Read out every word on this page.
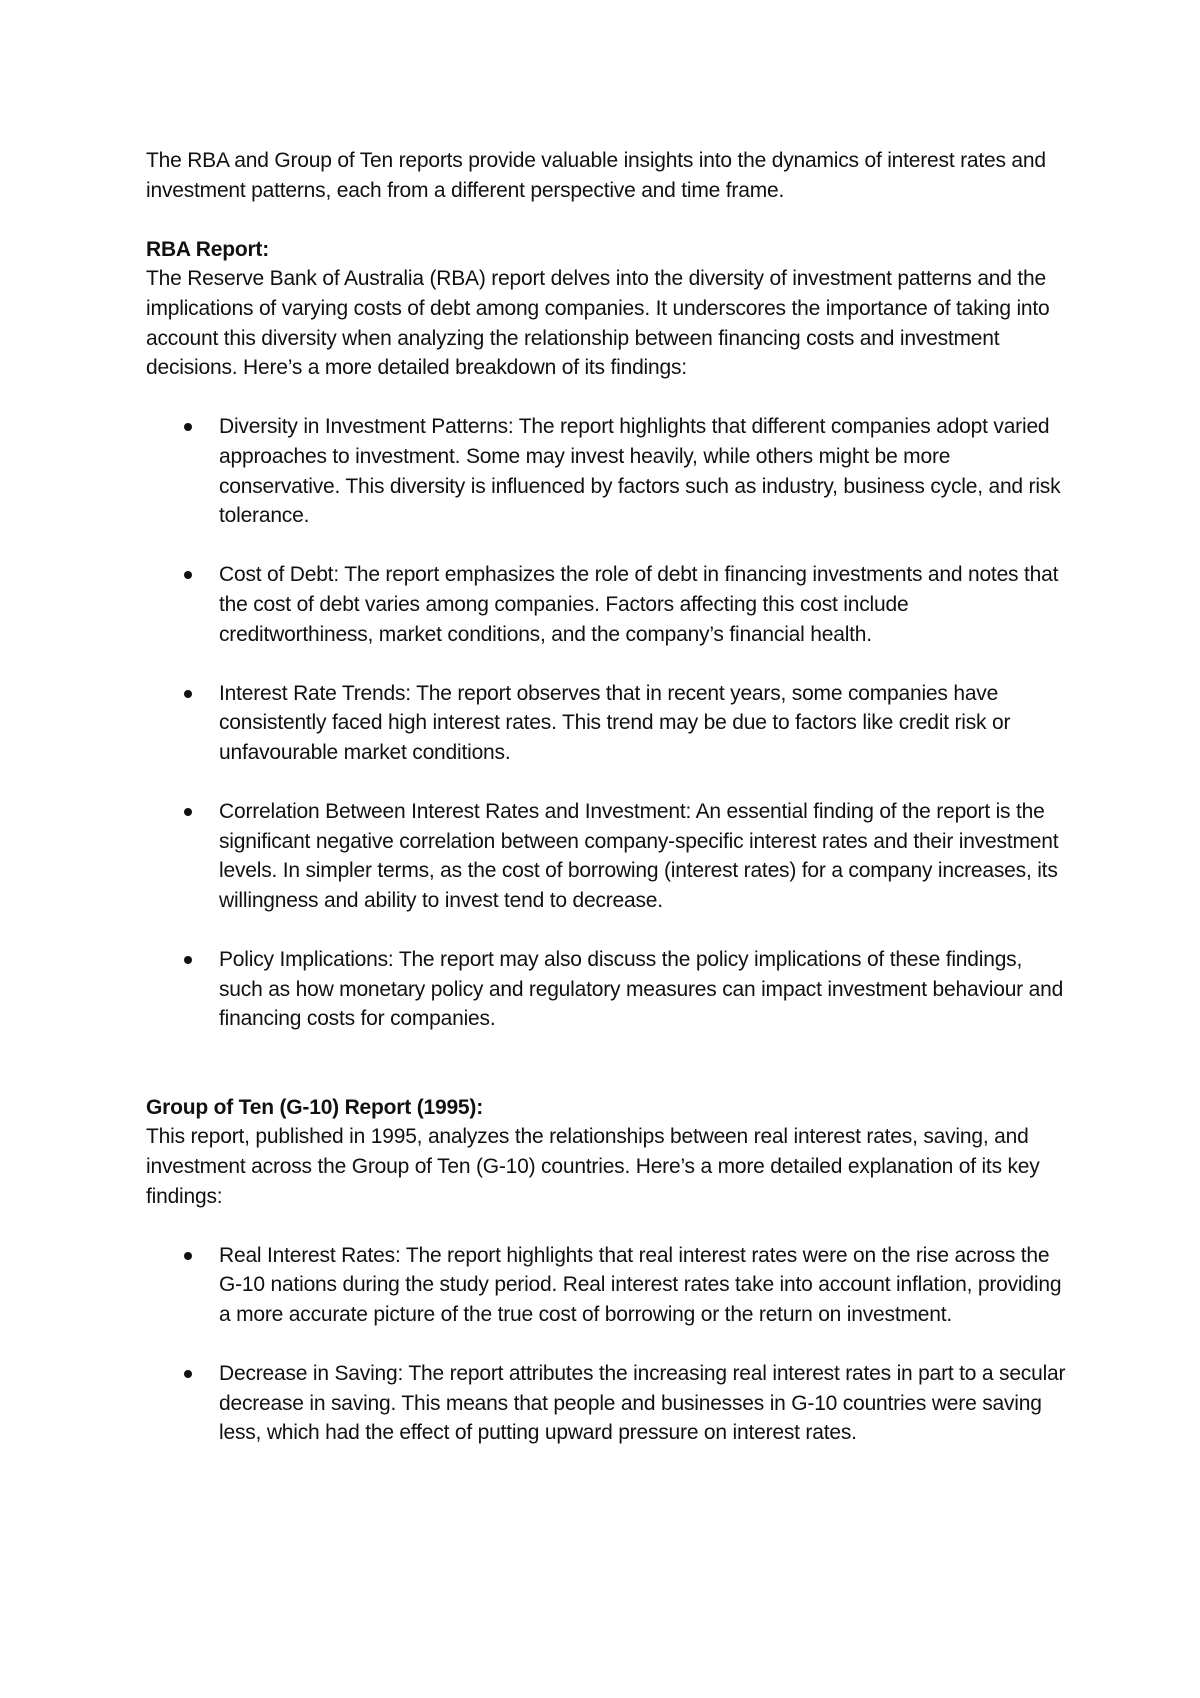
The RBA and Group of Ten reports provide valuable insights into the dynamics of interest rates and investment patterns, each from a different perspective and time frame.

RBA Report:

The Reserve Bank of Australia (RBA) report delves into the diversity of investment patterns and the implications of varying costs of debt among companies. It underscores the importance of taking into account this diversity when analyzing the relationship between financing costs and investment decisions. Here’s a more detailed breakdown of its findings:

Diversity in Investment Patterns: The report highlights that different companies adopt varied approaches to investment. Some may invest heavily, while others might be more conservative. This diversity is influenced by factors such as industry, business cycle, and risk tolerance.
Cost of Debt: The report emphasizes the role of debt in financing investments and notes that the cost of debt varies among companies. Factors affecting this cost include creditworthiness, market conditions, and the company’s financial health.
Interest Rate Trends: The report observes that in recent years, some companies have consistently faced high interest rates. This trend may be due to factors like credit risk or unfavourable market conditions.
Correlation Between Interest Rates and Investment: An essential finding of the report is the significant negative correlation between company-specific interest rates and their investment levels. In simpler terms, as the cost of borrowing (interest rates) for a company increases, its willingness and ability to invest tend to decrease.
Policy Implications: The report may also discuss the policy implications of these findings, such as how monetary policy and regulatory measures can impact investment behaviour and financing costs for companies.

Group of Ten (G-10) Report (1995):

This report, published in 1995, analyzes the relationships between real interest rates, saving, and investment across the Group of Ten (G-10) countries. Here’s a more detailed explanation of its key findings:

Real Interest Rates: The report highlights that real interest rates were on the rise across the G-10 nations during the study period. Real interest rates take into account inflation, providing a more accurate picture of the true cost of borrowing or the return on investment.
Decrease in Saving: The report attributes the increasing real interest rates in part to a secular decrease in saving. This means that people and businesses in G-10 countries were saving less, which had the effect of putting upward pressure on interest rates.
